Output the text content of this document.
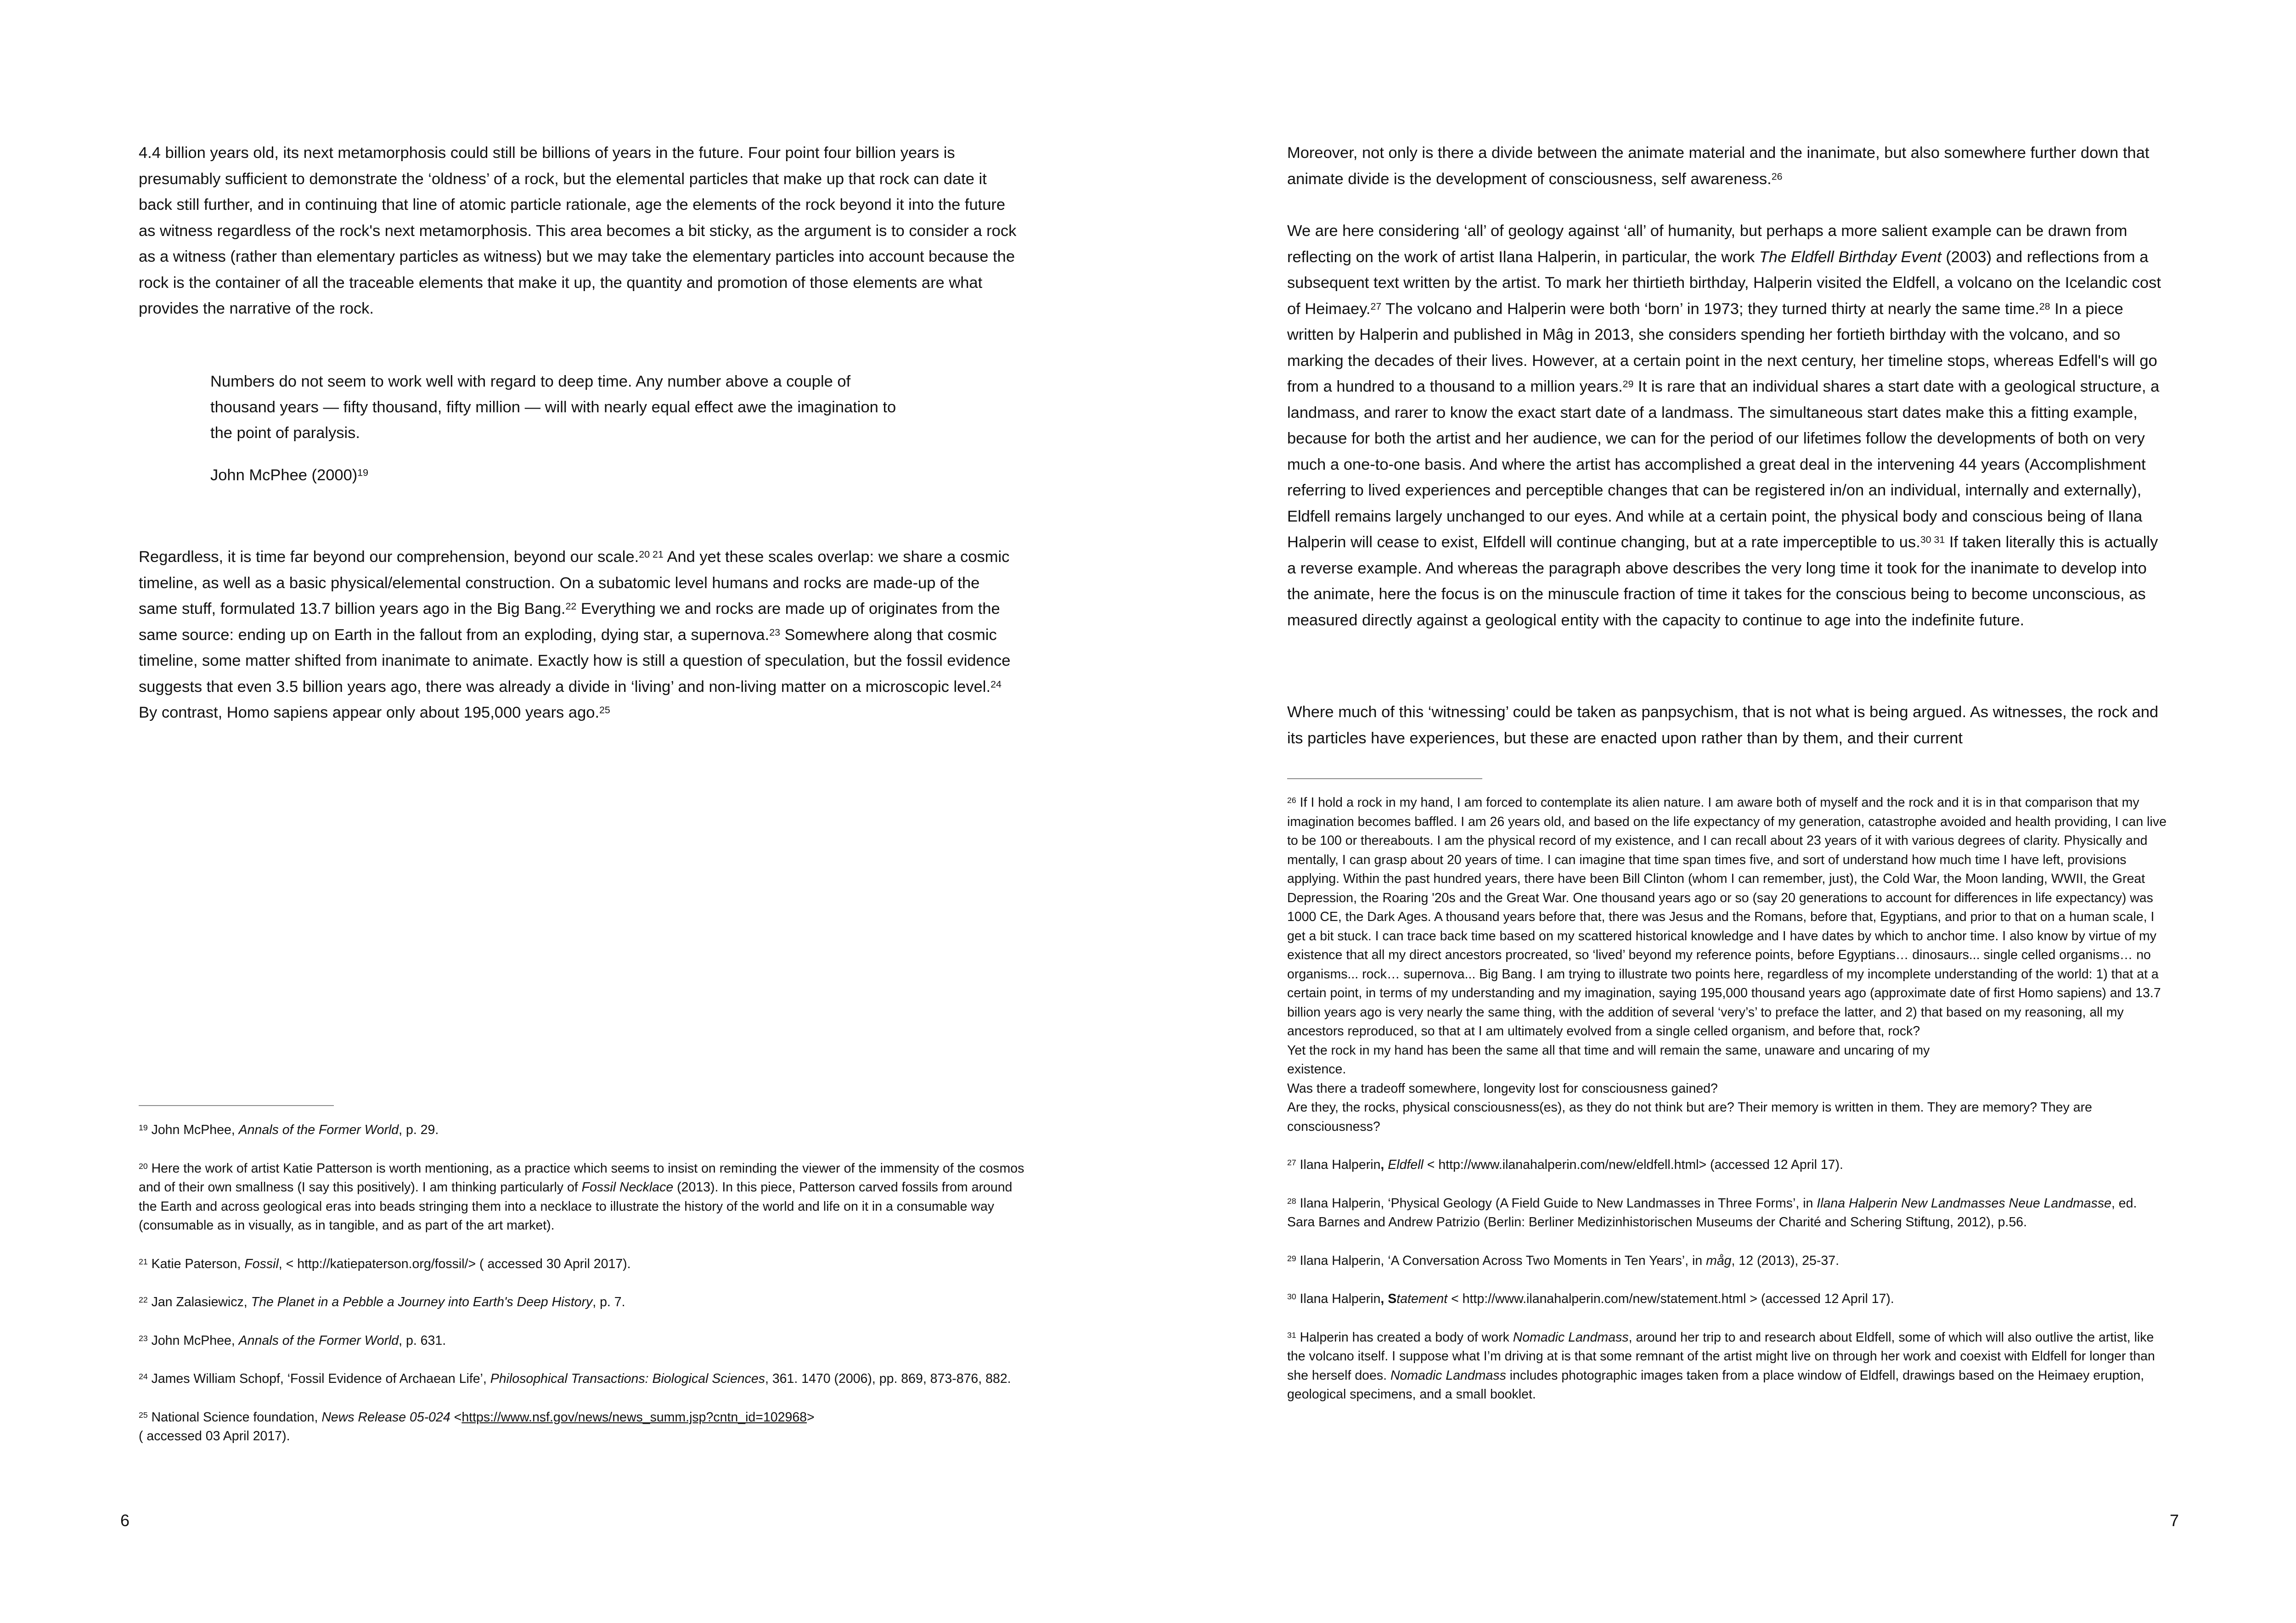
4.4 billion years old, its next metamorphosis could still be billions of years in the future. Four point four billion years is presumably sufficient to demonstrate the ‘oldness’ of a rock, but the elemental particles that make up that rock can date it back still further, and in continuing that line of atomic particle rationale, age the elements of the rock beyond it into the future as witness regardless of the rock's next metamorphosis. This area becomes a bit sticky, as the argument is to consider a rock as a witness (rather than elementary particles as witness) but we may take the elementary particles into account because the rock is the container of all the traceable elements that make it up, the quantity and promotion of those elements are what provides the narrative of the rock.

Numbers do not seem to work well with regard to deep time. Any number above a couple of thousand years — fifty thousand, fifty million — will with nearly equal effect awe the imagination to the point of paralysis.

John McPhee $(2000)^{19}$

Regardless, it is time far beyond our comprehension, beyond our scale.$^{20 21}$ And yet these scales overlap: we share a cosmic timeline, as well as a basic physical/elemental construction. On a subatomic level humans and rocks are made-up of the same stuff, formulated 13.7 billion years ago in the Big Bang.$^{22}$ Everything we and rocks are made up of originates from the same source: ending up on Earth in the fallout from an exploding, dying star, a supernova.$^{23}$ Somewhere along that cosmic timeline, some matter shifted from inanimate to animate. Exactly how is still a question of speculation, but the fossil evidence suggests that even 3.5 billion years ago, there was already a divide in ‘living’ and non-living matter on a microscopic level.$^{24}$ By contrast, Homo sapiens appear only about 195,000 years ago.$^{25}$

$^{19}$ John McPhee, Annals of the Former World, p. 29.

$^{20}$ Here the work of artist Katie Patterson is worth mentioning, as a practice which seems to insist on reminding the viewer of the immensity of the cosmos and of their own smallness (I say this positively). I am thinking particularly of Fossil Necklace (2013). In this piece, Patterson carved fossils from around the Earth and across geological eras into beads stringing them into a necklace to illustrate the history of the world and life on it in a consumable way (consumable as in visually, as in tangible, and as part of the art market).

$^{21}$ Katie Paterson, Fossil, < http://katiepaterson.org/fossil/> ( accessed 30 April 2017).

$^{22}$ Jan Zalasiewicz, The Planet in a Pebble a Journey into Earth's Deep History, p. 7.

$^{23}$ John McPhee, Annals of the Former World, p. 631.

$^{24}$ James William Schopf, ‘Fossil Evidence of Archaean Life’, Philosophical Transactions: Biological Sciences, 361. 1470 (2006), pp. 869, 873-876, 882.

$^{25}$ National Science foundation, News Release 05-024 <https://www.nsf.gov/news/news_summ.jsp?cntn_id=102968>
( accessed 03 April 2017).

6

Moreover, not only is there a divide between the animate material and the inanimate, but also somewhere further down that animate divide is the development of consciousness, self awareness.$^{26}$

We are here considering ‘all’ of geology against ‘all’ of humanity, but perhaps a more salient example can be drawn from reflecting on the work of artist Ilana Halperin, in particular, the work The Eldfell Birthday Event (2003) and reflections from a subsequent text written by the artist. To mark her thirtieth birthday, Halperin visited the Eldfell, a volcano on the Icelandic cost of Heimaey.$^{27}$ The volcano and Halperin were both ‘born’ in 1973; they turned thirty at nearly the same time.$^{28}$ In a piece written by Halperin and published in Mâg in 2013, she considers spending her fortieth birthday with the volcano, and so marking the decades of their lives. However, at a certain point in the next century, her timeline stops, whereas Edfell's will go from a hundred to a thousand to a million years.$^{29}$ It is rare that an individual shares a start date with a geological structure, a landmass, and rarer to know the exact start date of a landmass. The simultaneous start dates make this a fitting example, because for both the artist and her audience, we can for the period of our lifetimes follow the developments of both on very much a one-to-one basis. And where the artist has accomplished a great deal in the intervening 44 years (Accomplishment referring to lived experiences and perceptible changes that can be registered in/on an individual, internally and externally), Eldfell remains largely unchanged to our eyes. And while at a certain point, the physical body and conscious being of Ilana Halperin will cease to exist, Elfdell will continue changing, but at a rate imperceptible to us.$^{30 31}$ If taken literally this is actually a reverse example. And whereas the paragraph above describes the very long time it took for the inanimate to develop into the animate, here the focus is on the minuscule fraction of time it takes for the conscious being to become unconscious, as measured directly against a geological entity with the capacity to continue to age into the indefinite future.

Where much of this ‘witnessing’ could be taken as panpsychism, that is not what is being argued. As witnesses, the rock and its particles have experiences, but these are enacted upon rather than by them, and their current

$^{26}$ If I hold a rock in my hand, I am forced to contemplate its alien nature. I am aware both of myself and the rock and it is in that comparison that my imagination becomes baffled. I am 26 years old, and based on the life expectancy of my generation, catastrophe avoided and health providing, I can live to be 100 or thereabouts. I am the physical record of my existence, and I can recall about 23 years of it with various degrees of clarity. Physically and mentally, I can grasp about 20 years of time. I can imagine that time span times five, and sort of understand how much time I have left, provisions applying. Within the past hundred years, there have been Bill Clinton (whom I can remember, just), the Cold War, the Moon landing, WWII, the Great Depression, the Roaring '20s and the Great War. One thousand years ago or so (say 20 generations to account for differences in life expectancy) was 1000 CE, the Dark Ages. A thousand years before that, there was Jesus and the Romans, before that, Egyptians, and prior to that on a human scale, I get a bit stuck. I can trace back time based on my scattered historical knowledge and I have dates by which to anchor time. I also know by virtue of my existence that all my direct ancestors procreated, so ‘lived’ beyond my reference points, before Egyptians… dinosaurs... single celled organisms… no organisms... rock… supernova... Big Bang. I am trying to illustrate two points here, regardless of my incomplete understanding of the world: 1) that at a certain point, in terms of my understanding and my imagination, saying 195,000 thousand years ago (approximate date of first Homo sapiens) and 13.7 billion years ago is very nearly the same thing, with the addition of several ‘very’s’ to preface the latter, and 2) that based on my reasoning, all my ancestors reproduced, so that at I am ultimately evolved from a single celled organism, and before that, rock?

Yet the rock in my hand has been the same all that time and will remain the same, unaware and uncaring of my
existence.

Was there a tradeoff somewhere, longevity lost for consciousness gained?

Are they, the rocks, physical consciousness(es), as they do not think but are? Their memory is written in them. They are memory? They are consciousness?

$^{27}$ Ilana Halperin, Eldfell < http://www.ilanahalperin.com/new/eldfell.html> (accessed 12 April 17).

$^{28}$ Ilana Halperin, ‘Physical Geology (A Field Guide to New Landmasses in Three Forms’, in Ilana Halperin New Landmasses Neue Landmasse, ed. Sara Barnes and Andrew Patrizio (Berlin: Berliner Medizinhistorischen Museums der Charité and Schering Stiftung, 2012), p.56.

$^{29}$ Ilana Halperin, ‘A Conversation Across Two Moments in Ten Years’, in måg, 12 (2013), 25-37.

$^{30}$ Ilana Halperin, Statement < http://www.ilanahalperin.com/new/statement.html > (accessed 12 April 17).

$^{31}$ Halperin has created a body of work Nomadic Landmass, around her trip to and research about Eldfell, some of which will also outlive the artist, like the volcano itself. I suppose what I’m driving at is that some remnant of the artist might live on through her work and coexist with Eldfell for longer than she herself does. Nomadic Landmass includes photographic images taken from a place window of Eldfell, drawings based on the Heimaey eruption, geological specimens, and a small booklet.

7
